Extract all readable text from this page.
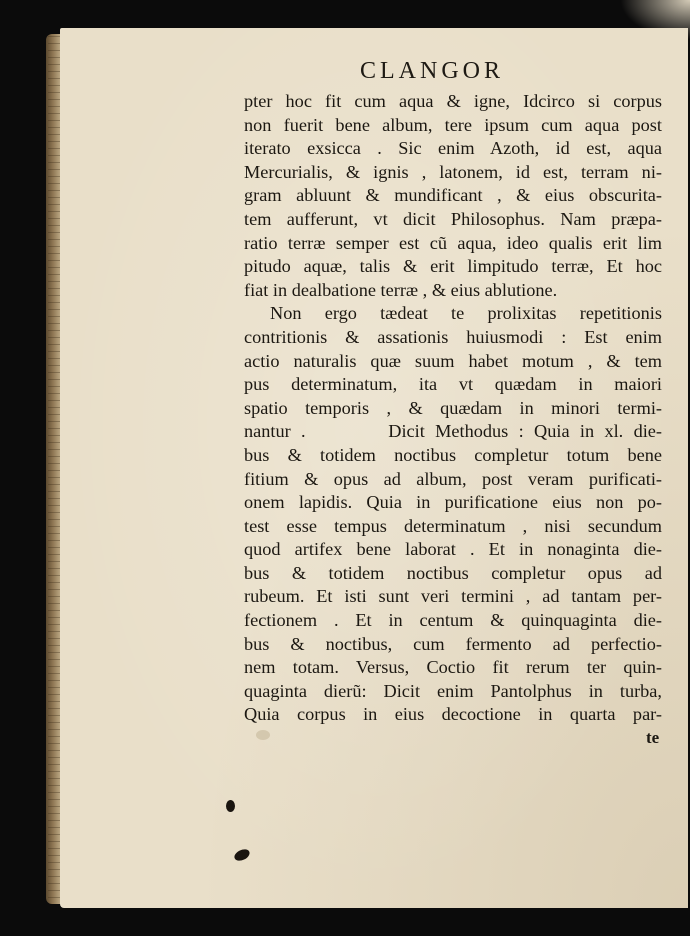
CLANGOR
pter hoc fit cum aqua & igne, Idcirco si corpus
non fuerit bene album, tere ipsum cum aqua post
iterato exsicca . Sic enim Azoth, id est, aqua
Mercurialis, & ignis , latonem, id est, terram ni-
gram abluunt & mundificant , & eius obscurita-
tem aufferunt, vt dicit Philosophus. Nam præpa-
ratio terræ semper est cũ aqua, ideo qualis erit lim
pitudo aquæ, talis & erit limpitudo terræ, Et hoc
fiat in dealbatione terræ , & eius ablutione.
Non ergo tædeat te prolixitas repetitionis
contritionis & assationis huiusmodi : Est enim
actio naturalis quæ suum habet motum , & tem
pus determinatum, ita vt quædam in maiori
spatio temporis , & quædam in minori termi-
nantur .        Dicit Methodus : Quia in xl. die-
bus & totidem noctibus completur totum bene
fitium & opus ad album, post veram purificati-
onem lapidis. Quia in purificatione eius non po-
test esse tempus determinatum , nisi secundum
quod artifex bene laborat . Et in nonaginta die-
bus & totidem noctibus completur opus ad
rubeum. Et isti sunt veri termini , ad tantam per-
fectionem . Et in centum & quinquaginta die-
bus & noctibus, cum fermento ad perfectio-
nem totam. Versus, Coctio fit rerum ter quin-
quaginta dierũ: Dicit enim Pantolphus in turba,
Quia corpus in eius decoctione in quarta par-
te
